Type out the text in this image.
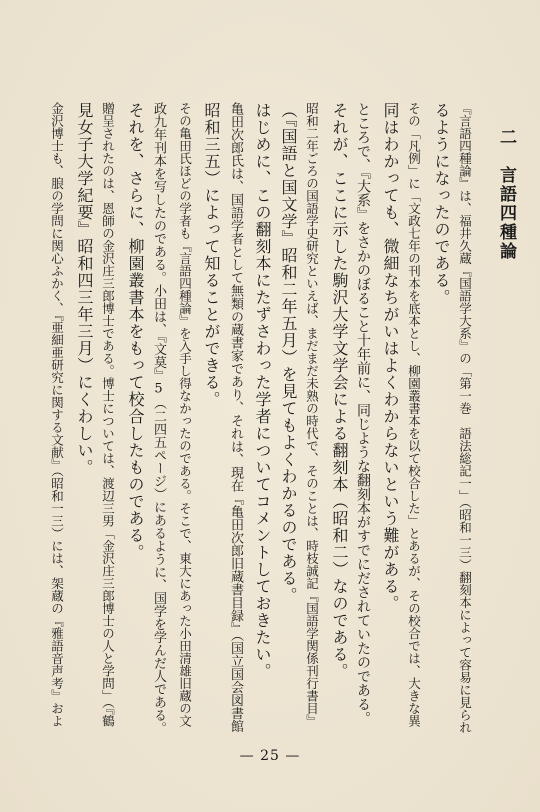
二　言語四種論
『言語四種論』は、福井久蔵『国語学大系』の「第一巻　語法総記一」（昭和一三）翻刻本によって容易に見られ
るようになったのである。
その「凡例」に「文政七年の刊本を底本とし、柳園叢書本を以て校合した」とあるが、その校合では、大きな異
同はわかっても、微細なちがいはよくわからないという難がある。
ところで、『大系』をさかのぼること十年前に、同じような翻刻本がすでにだされていたのである。
それが、ここに示した駒沢大学文学会による翻刻本（昭和二）なのである。
昭和二年ごろの国語学史研究といえば、まだまだ未熟の時代で、そのことは、時枝誠記『国語学関係刊行書目』
（『国語と国文学』昭和二年五月）を見てもよくわかるのである。
はじめに、この翻刻本にたずさわった学者についてコメントしておきたい。
亀田次郎氏は、国語学者として無類の蔵書家であり、それは、現在『亀田次郎旧蔵書目録』（国立国会図書館
昭和三五）によって知ることができる。
その亀田氏ほどの学者も『言語四種論』を入手し得なかったのである。そこで、東大にあった小田清雄旧蔵の文
政九年刊本を写したのである。小田は、『文莫』5（二四五ページ）にあるように、国学を学んだ人である。
それを、さらに、柳園叢書本をもって校合したものである。
贈呈されたのは、恩師の金沢庄三郎博士である。博士については、渡辺三男「金沢庄三郎博士の人と学問」（『鶴
見女子大学紀要』昭和四三年三月）にくわしい。
金沢博士も、朖の学問に関心ふかく、『亜細亜研究に関する文献』（昭和一三）には、架蔵の『雅語音声考』およ
— 25 —
